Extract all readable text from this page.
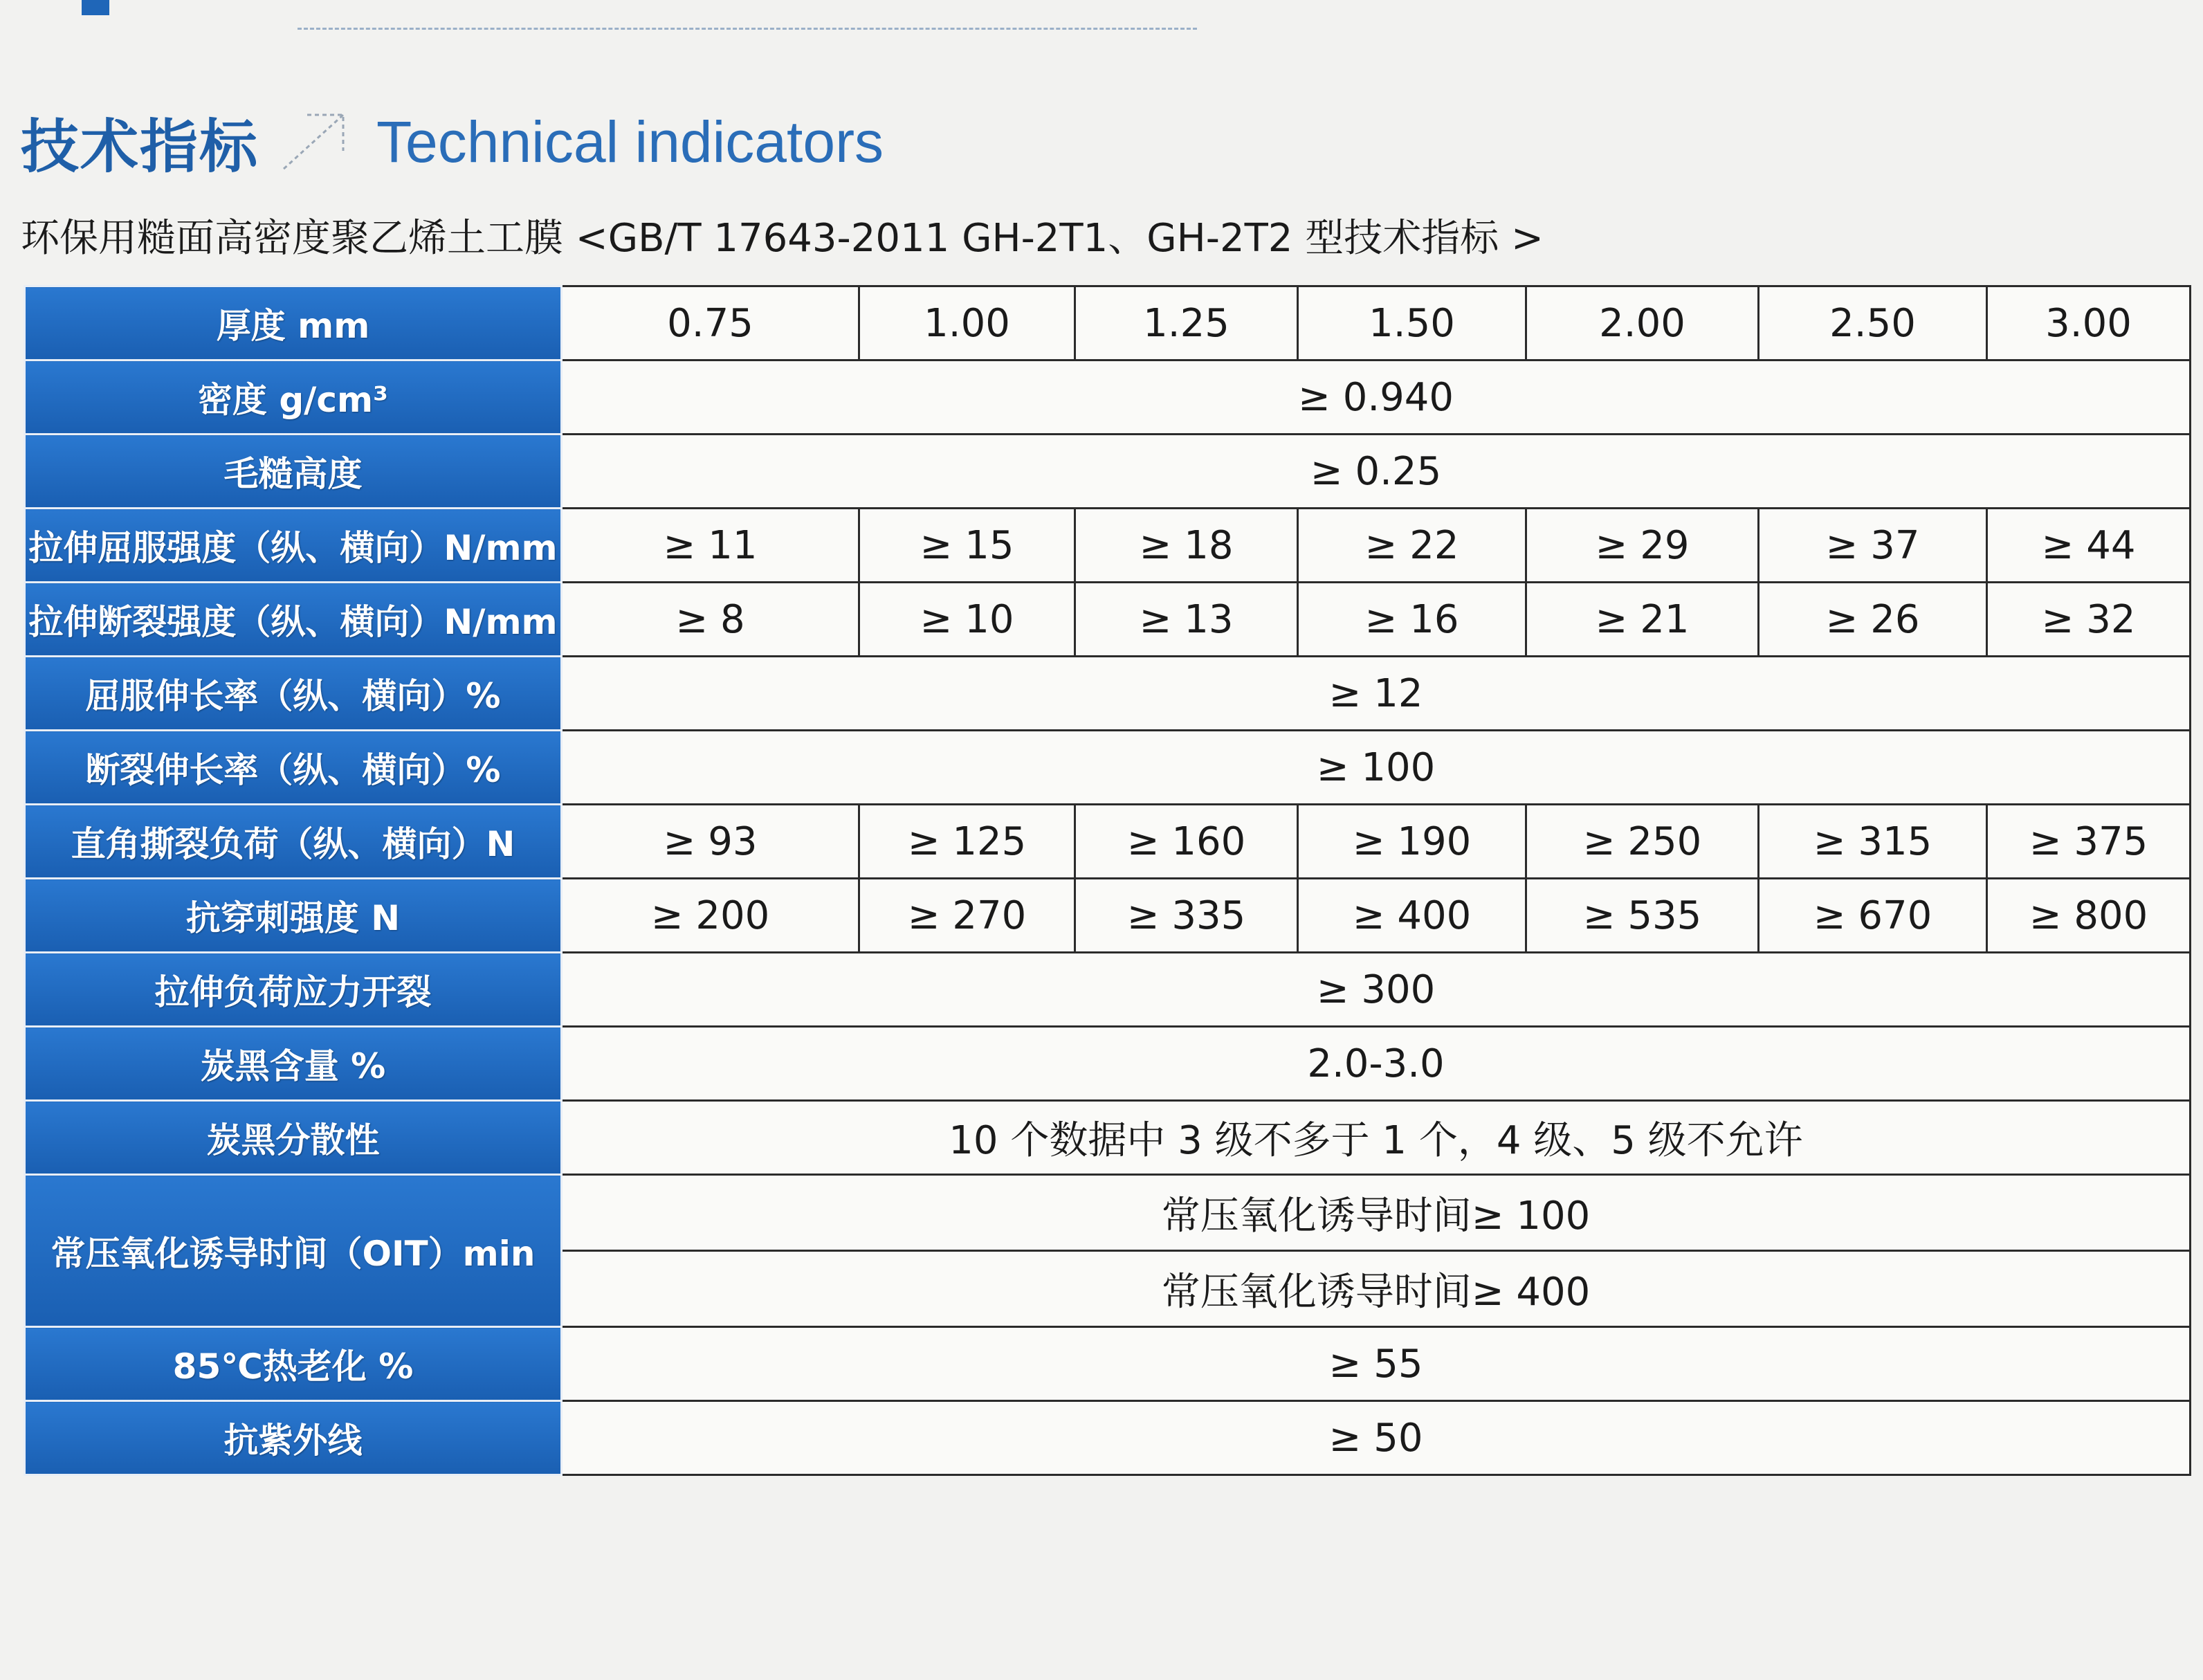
技术指标 Technical indicators
环保用糙面高密度聚乙烯土工膜 <GB/T 17643-2011 GH-2T1、GH-2T2 型技术指标 >
厚度 mm	0.75	1.00	1.25	1.50	2.00	2.50	3.00
密度 g/cm³	≥ 0.940						
毛糙高度	≥ 0.25						
拉伸屈服强度（纵、横向）N/mm	≥ 11	≥ 15	≥ 18	≥ 22	≥ 29	≥ 37	≥ 44
拉伸断裂强度（纵、横向）N/mm	≥ 8	≥ 10	≥ 13	≥ 16	≥ 21	≥ 26	≥ 32
屈服伸长率（纵、横向）%	≥ 12						
断裂伸长率（纵、横向）%	≥ 100						
直角撕裂负荷（纵、横向）N	≥ 93	≥ 125	≥ 160	≥ 190	≥ 250	≥ 315	≥ 375
抗穿刺强度 N	≥ 200	≥ 270	≥ 335	≥ 400	≥ 535	≥ 670	≥ 800
拉伸负荷应力开裂	≥ 300						
炭黑含量 %	2.0-3.0						
炭黑分散性	10 个数据中 3 级不多于 1 个，4 级、5 级不允许						
常压氧化诱导时间（OIT）min	常压氧化诱导时间≥ 100						
	常压氧化诱导时间≥ 400						
85℃热老化 %	≥ 55						
抗紫外线	≥ 50						
